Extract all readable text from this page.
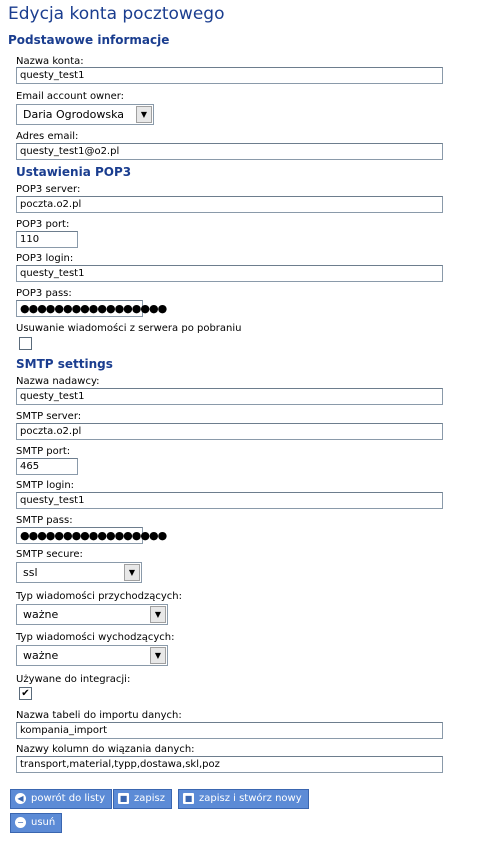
Edycja konta pocztowego
Podstawowe informacje
Nazwa konta:
questy_test1
Email account owner:
Daria Ogrodowska	▼
Adres email:
questy_test1@o2.pl
Ustawienia POP3
POP3 server:
poczta.o2.pl
POP3 port:
110
POP3 login:
questy_test1
POP3 pass:
●●●●●●●●●●●●●●●●●
Usuwanie wiadomości z serwera po pobraniu
SMTP settings
Nazwa nadawcy:
questy_test1
SMTP server:
poczta.o2.pl
SMTP port:
465
SMTP login:
questy_test1
SMTP pass:
●●●●●●●●●●●●●●●●●
SMTP secure:
ssl	▼
Typ wiadomości przychodzących:
ważne	▼
Typ wiadomości wychodzących:
ważne	▼
Używane do integracji:
✔
Nazwa tabeli do importu danych:
kompania_import
Nazwy kolumn do wiązania danych:
transport,material,typp,dostawa,skl,poz
◀ powrót do listy	■ zapisz	■ zapisz i stwórz nowy
− usuń
